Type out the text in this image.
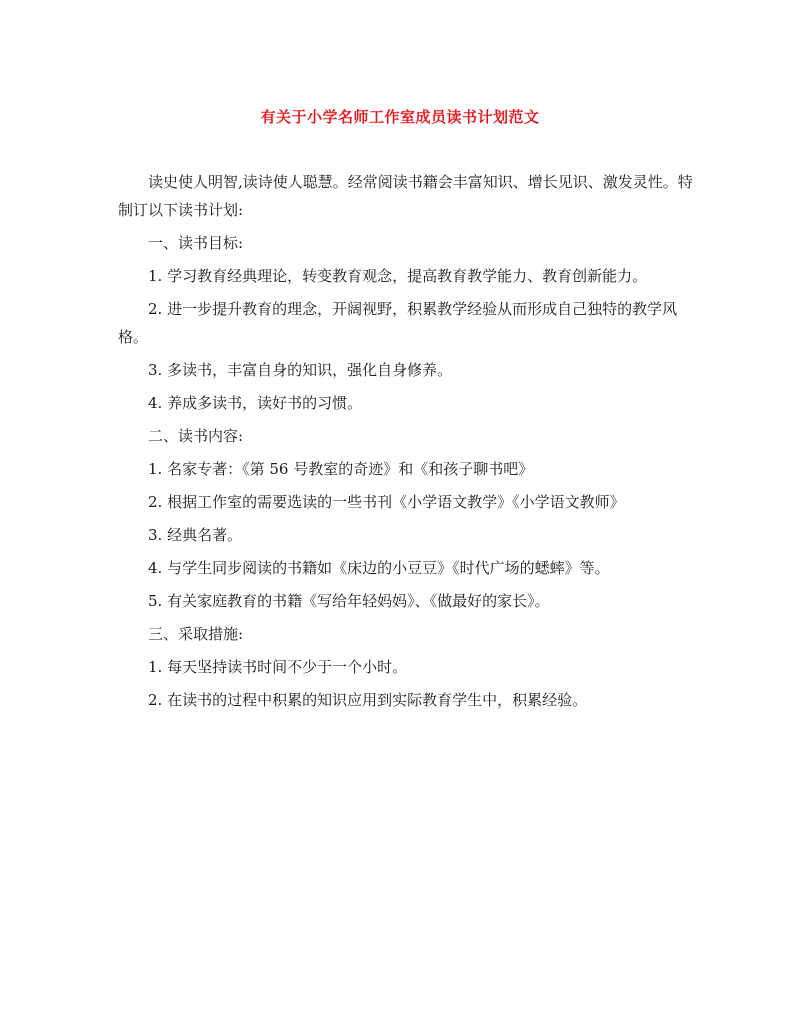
有关于小学名师工作室成员读书计划范文

读史使人明智,读诗使人聪慧。经常阅读书籍会丰富知识、增长见识、激发灵性。特制订以下读书计划:

一、读书目标:

1. 学习教育经典理论，转变教育观念，提高教育教学能力、教育创新能力。

2. 进一步提升教育的理念，开阔视野，积累教学经验从而形成自己独特的教学风格。

3. 多读书，丰富自身的知识，强化自身修养。

4. 养成多读书，读好书的习惯。

二、读书内容:

1. 名家专著：《第 56 号教室的奇迹》和《和孩子聊书吧》

2. 根据工作室的需要选读的一些书刊《小学语文教学》《小学语文教师》

3. 经典名著。

4. 与学生同步阅读的书籍如《床边的小豆豆》《时代广场的蟋蟀》等。

5. 有关家庭教育的书籍《写给年轻妈妈》、《做最好的家长》。

三、采取措施:

1. 每天坚持读书时间不少于一个小时。

2. 在读书的过程中积累的知识应用到实际教育学生中，积累经验。
